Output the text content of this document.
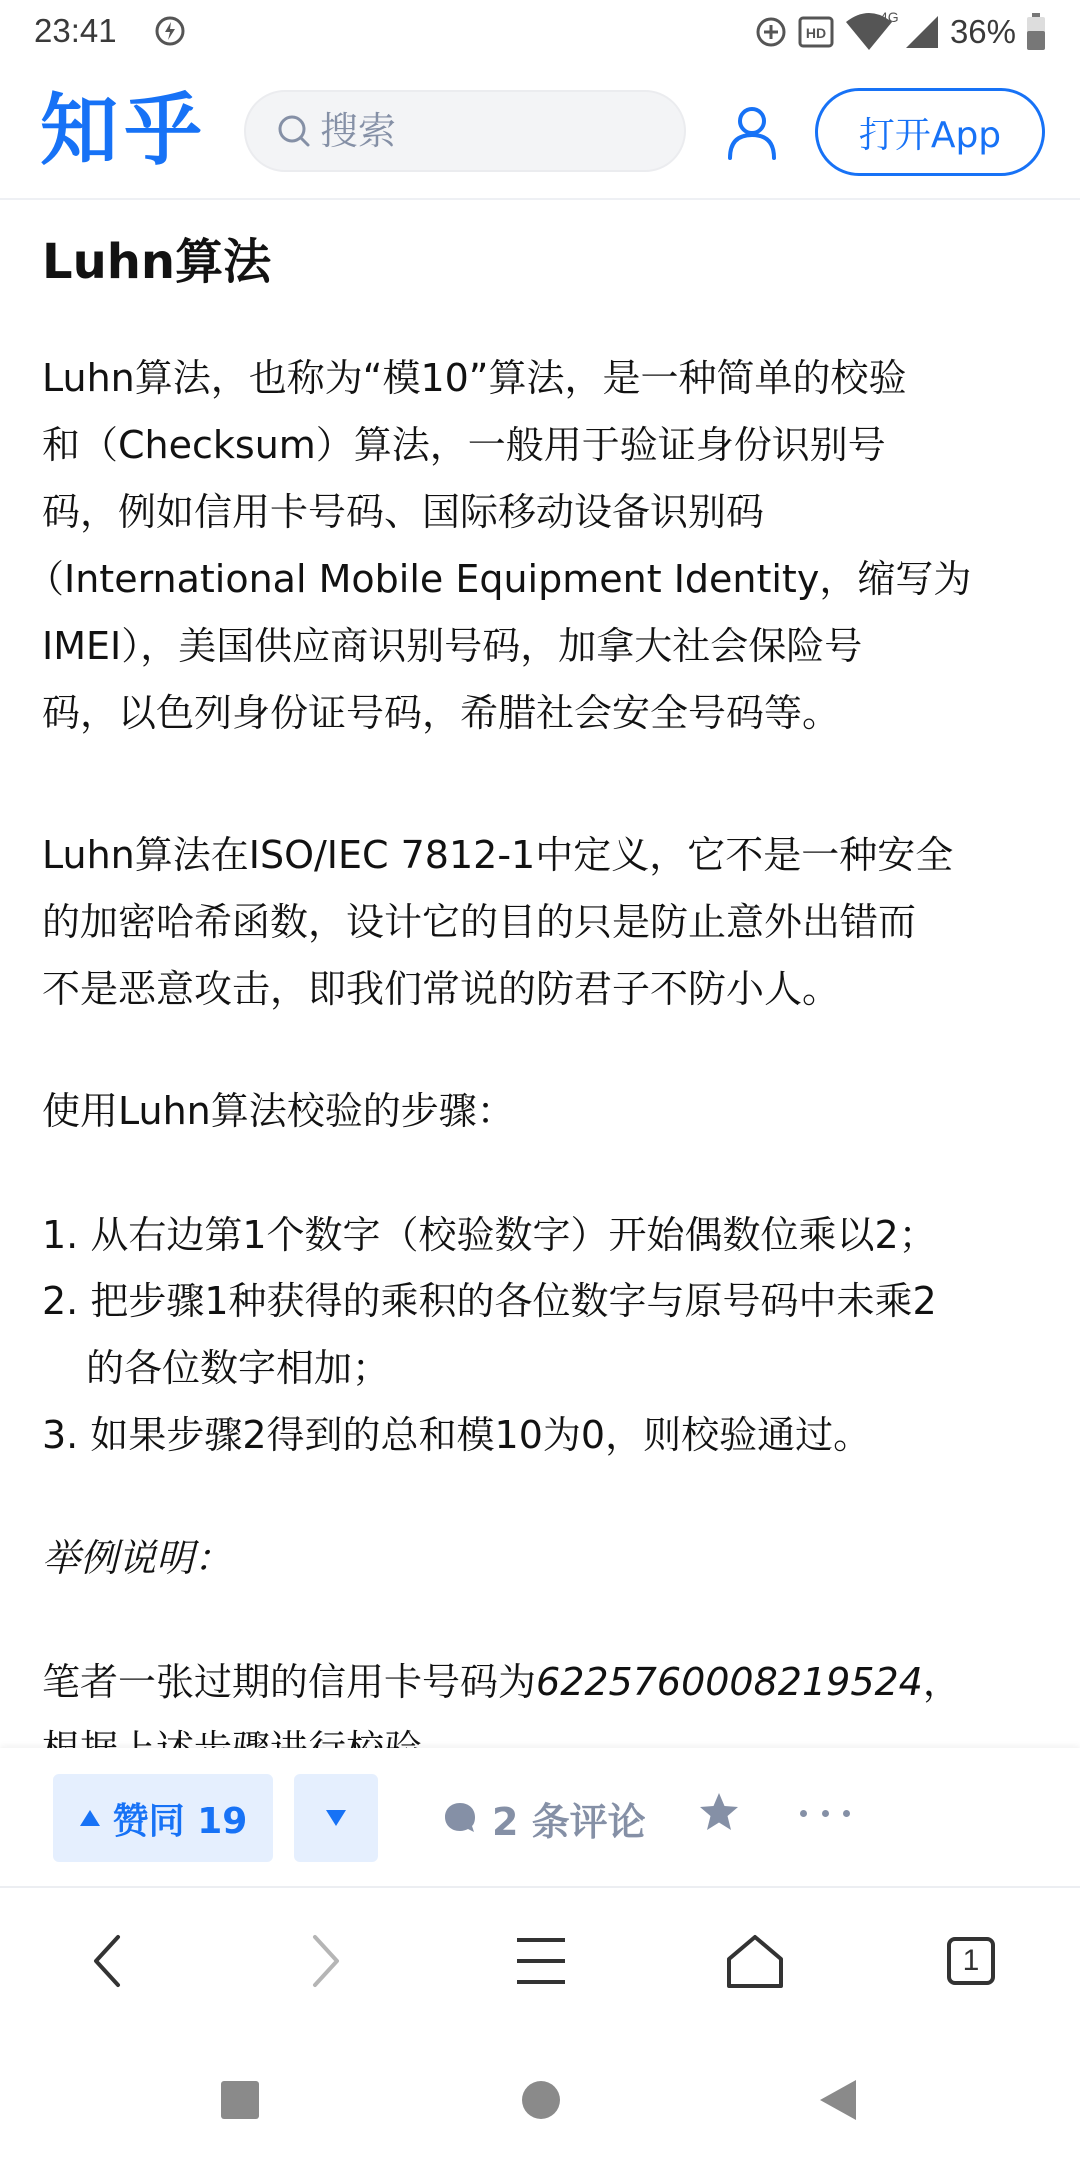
23:41	HD
4G 36%
知乎
搜索	打开App
Luhn算法

Luhn算法，也称为“模10”算法，是一种简单的校验
和（Checksum）算法，一般用于验证身份识别号
码，例如信用卡号码、国际移动设备识别码
（International Mobile Equipment Identity，缩写为
IMEI），美国供应商识别号码，加拿大社会保险号
码，以色列身份证号码，希腊社会安全号码等。

Luhn算法在ISO/IEC 7812-1中定义，它不是一种安全
的加密哈希函数，设计它的目的只是防止意外出错而
不是恶意攻击，即我们常说的防君子不防小人。

使用Luhn算法校验的步骤：
1. 从右边第1个数字（校验数字）开始偶数位乘以2；
2. 把步骤1种获得的乘积的各位数字与原号码中未乘2
的各位数字相加；
3. 如果步骤2得到的总和模10为0，则校验通过。
举例说明：
笔者一张过期的信用卡号码为6225760008219524，
赞同 19	2 条评论
1
